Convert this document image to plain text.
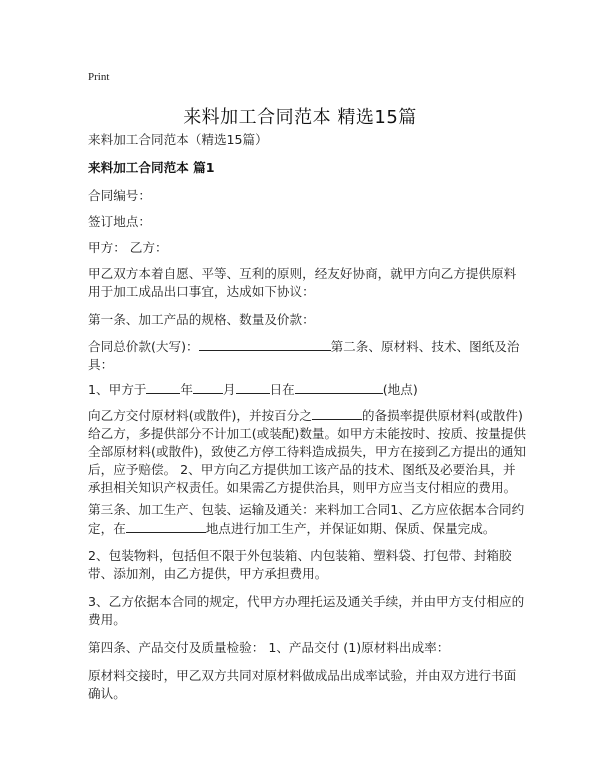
Print
来料加工合同范本 精选15篇

来料加工合同范本（精选15篇）

来料加工合同范本 篇1

合同编号：

签订地点：

甲方： 乙方：

甲乙双方本着自愿、平等、互利的原则，经友好协商，就甲方向乙方提供原料用于加工成品出口事宜，达成如下协议：

第一条、加工产品的规格、数量及价款：

合同总价款(大写)：	第二条、原材料、技术、图纸及治具：

1、甲方于	年 月	日在	(地点)

向乙方交付原材料(或散件)，并按百分之	的备损率提供原材料(或散件)给乙方，多提供部分不计加工(或装配)数量。如甲方未能按时、按质、按量提供全部原材料(或散件)，致使乙方停工待料造成损失，甲方在接到乙方提出的通知后，应予赔偿。 2、甲方向乙方提供加工该产品的技术、图纸及必要治具，并承担相关知识产权责任。如果需乙方提供治具，则甲方应当支付相应的费用。

第三条、加工生产、包装、运输及通关：来料加工合同1、乙方应依据本合同约定，在	地点进行加工生产，并保证如期、保质、保量完成。

2、包装物料，包括但不限于外包装箱、内包装箱、塑料袋、打包带、封箱胶带、添加剂，由乙方提供，甲方承担费用。

3、乙方依据本合同的规定，代甲方办理托运及通关手续，并由甲方支付相应的费用。

第四条、产品交付及质量检验： 1、产品交付 (1)原材料出成率：

原材料交接时，甲乙双方共同对原材料做成品出成率试验，并由双方进行书面确认。
